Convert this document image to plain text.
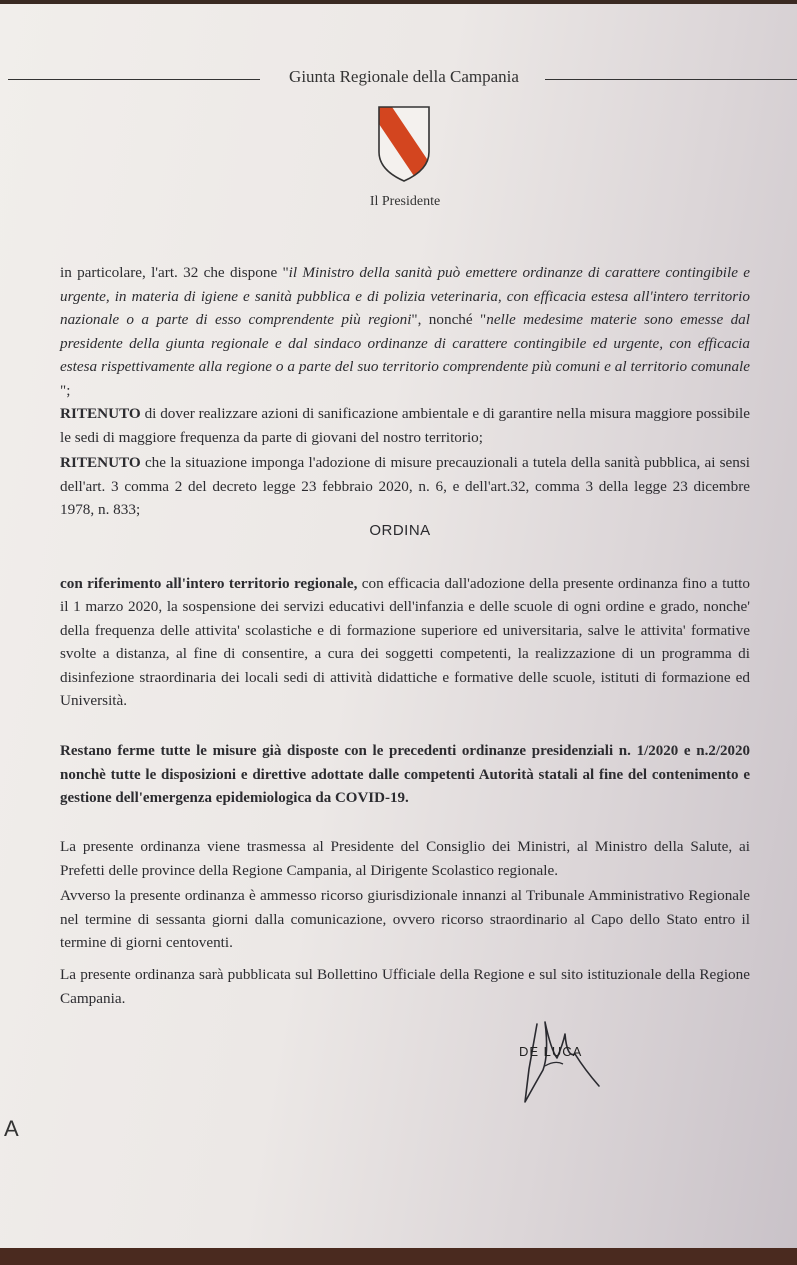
Giunta Regionale della Campania
Il Presidente
in particolare, l'art. 32 che dispone "il Ministro della sanità può emettere ordinanze di carattere contingibile e urgente, in materia di igiene e sanità pubblica e di polizia veterinaria, con efficacia estesa all'intero territorio nazionale o a parte di esso comprendente più regioni", nonché "nelle medesime materie sono emesse dal presidente della giunta regionale e dal sindaco ordinanze di carattere contingibile ed urgente, con efficacia estesa rispettivamente alla regione o a parte del suo territorio comprendente più comuni e al territorio comunale ";
RITENUTO di dover realizzare azioni di sanificazione ambientale e di garantire nella misura maggiore possibile le sedi di maggiore frequenza da parte di giovani del nostro territorio;
RITENUTO che la situazione imponga l'adozione di misure precauzionali a tutela della sanità pubblica, ai sensi dell'art. 3 comma 2 del decreto legge 23 febbraio 2020, n. 6, e dell'art.32, comma 3 della legge 23 dicembre 1978, n. 833;
ORDINA
con riferimento all'intero territorio regionale, con efficacia dall'adozione della presente ordinanza fino a tutto il 1 marzo 2020, la sospensione dei servizi educativi dell'infanzia e delle scuole di ogni ordine e grado, nonche' della frequenza delle attivita' scolastiche e di formazione superiore ed universitaria, salve le attivita' formative svolte a distanza, al fine di consentire, a cura dei soggetti competenti, la realizzazione di un programma di disinfezione straordinaria dei locali sedi di attività didattiche e formative delle scuole, istituti di formazione ed Università.
Restano ferme tutte le misure già disposte con le precedenti ordinanze presidenziali n. 1/2020 e n.2/2020 nonchè tutte le disposizioni e direttive adottate dalle competenti Autorità statali al fine del contenimento e gestione dell'emergenza epidemiologica da COVID-19.
La presente ordinanza viene trasmessa al Presidente del Consiglio dei Ministri, al Ministro della Salute, ai Prefetti delle province della Regione Campania, al Dirigente Scolastico regionale.
Avverso la presente ordinanza è ammesso ricorso giurisdizionale innanzi al Tribunale Amministrativo Regionale nel termine di sessanta giorni dalla comunicazione, ovvero ricorso straordinario al Capo dello Stato entro il termine di giorni centoventi.
La presente ordinanza sarà pubblicata sul Bollettino Ufficiale della Regione e sul sito istituzionale della Regione Campania.
DE LUCA
A
